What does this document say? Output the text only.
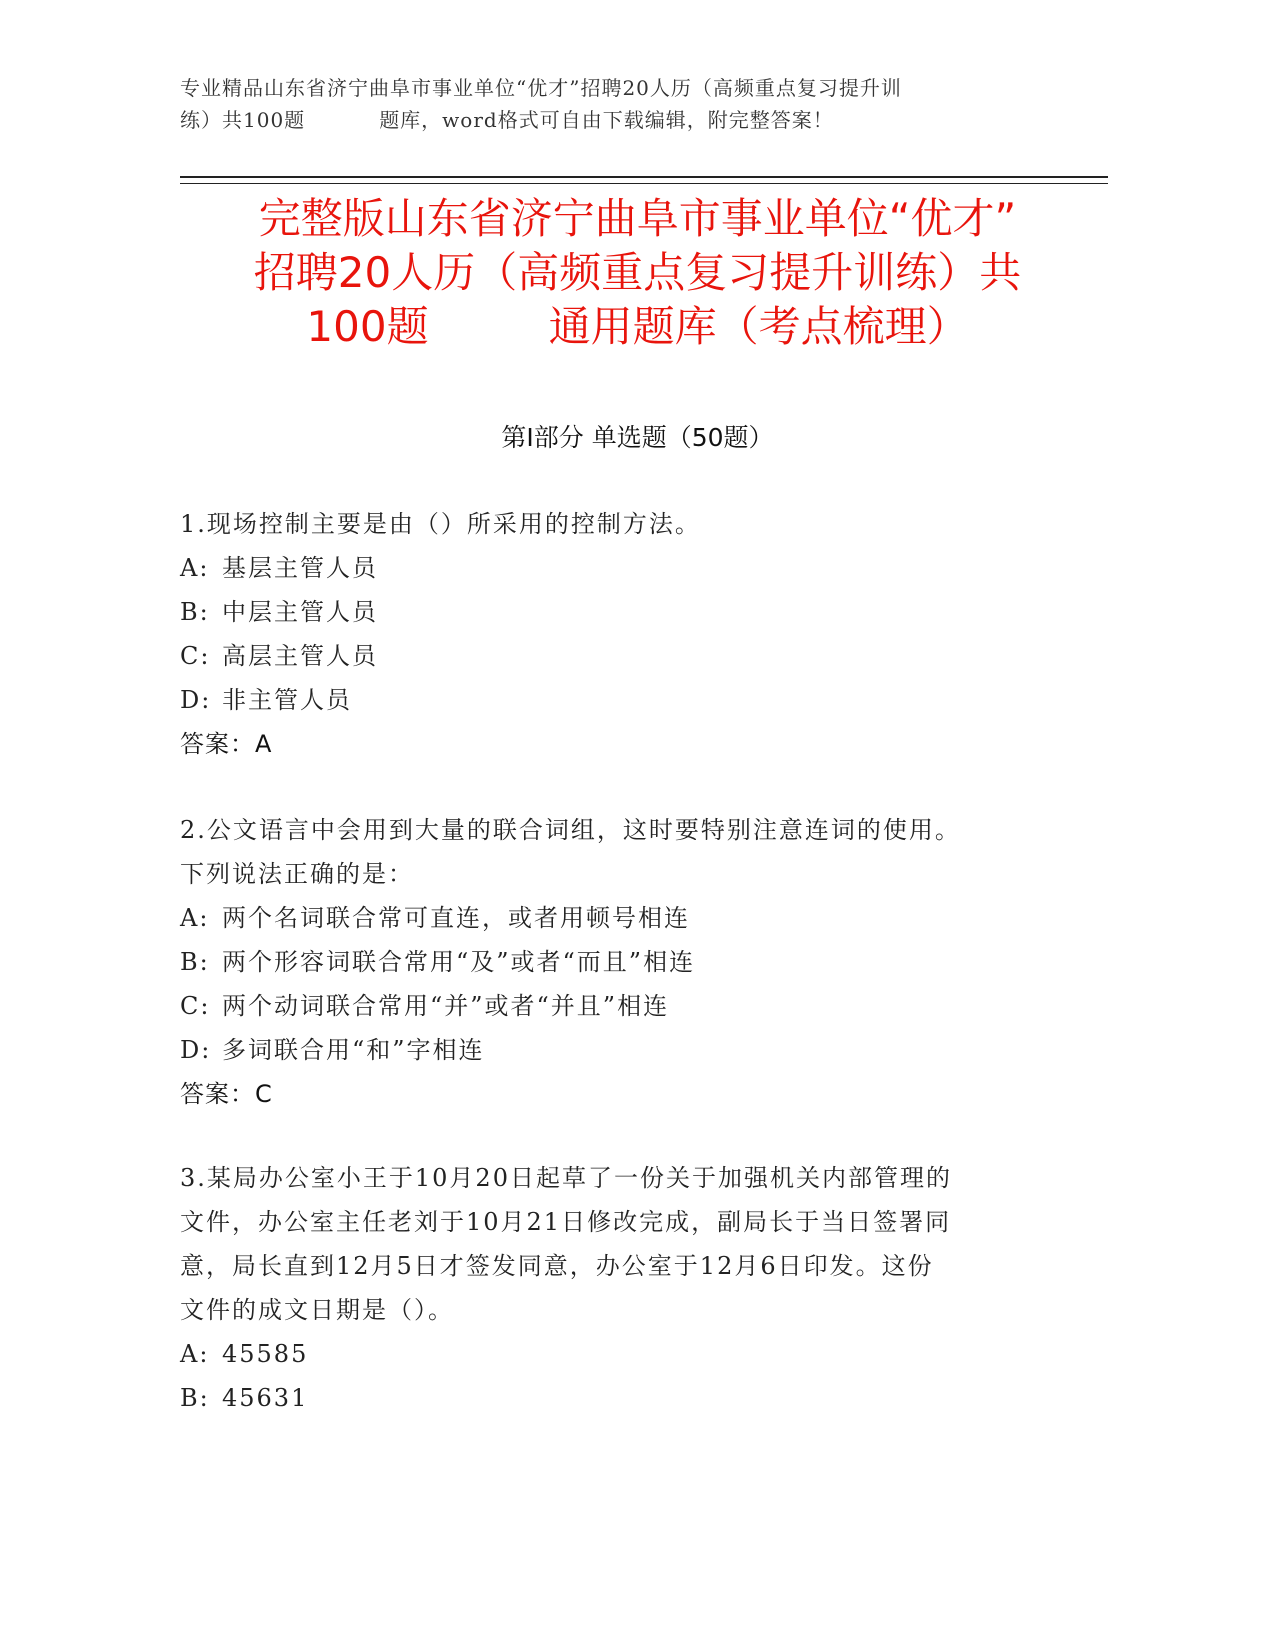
专业精品山东省济宁曲阜市事业单位“优才”招聘20人历（高频重点复习提升训
练）共100题	题库，word格式可自由下载编辑，附完整答案！
完整版山东省济宁曲阜市事业单位“优才”
招聘20人历（高频重点复习提升训练）共
100题	通用题库（考点梳理）
第Ⅰ部分 单选题（50题）
1.现场控制主要是由（）所采用的控制方法。
A: 基层主管人员
B: 中层主管人员
C: 高层主管人员
D: 非主管人员
答案：A
2.公文语言中会用到大量的联合词组，这时要特别注意连词的使用。
下列说法正确的是：
A: 两个名词联合常可直连，或者用顿号相连
B: 两个形容词联合常用“及”或者“而且”相连
C: 两个动词联合常用“并”或者“并且”相连
D: 多词联合用“和”字相连
答案：C
3.某局办公室小王于10月20日起草了一份关于加强机关内部管理的
文件，办公室主任老刘于10月21日修改完成，副局长于当日签署同
意，局长直到12月5日才签发同意，办公室于12月6日印发。这份
文件的成文日期是（）。
A: 45585
B: 45631
